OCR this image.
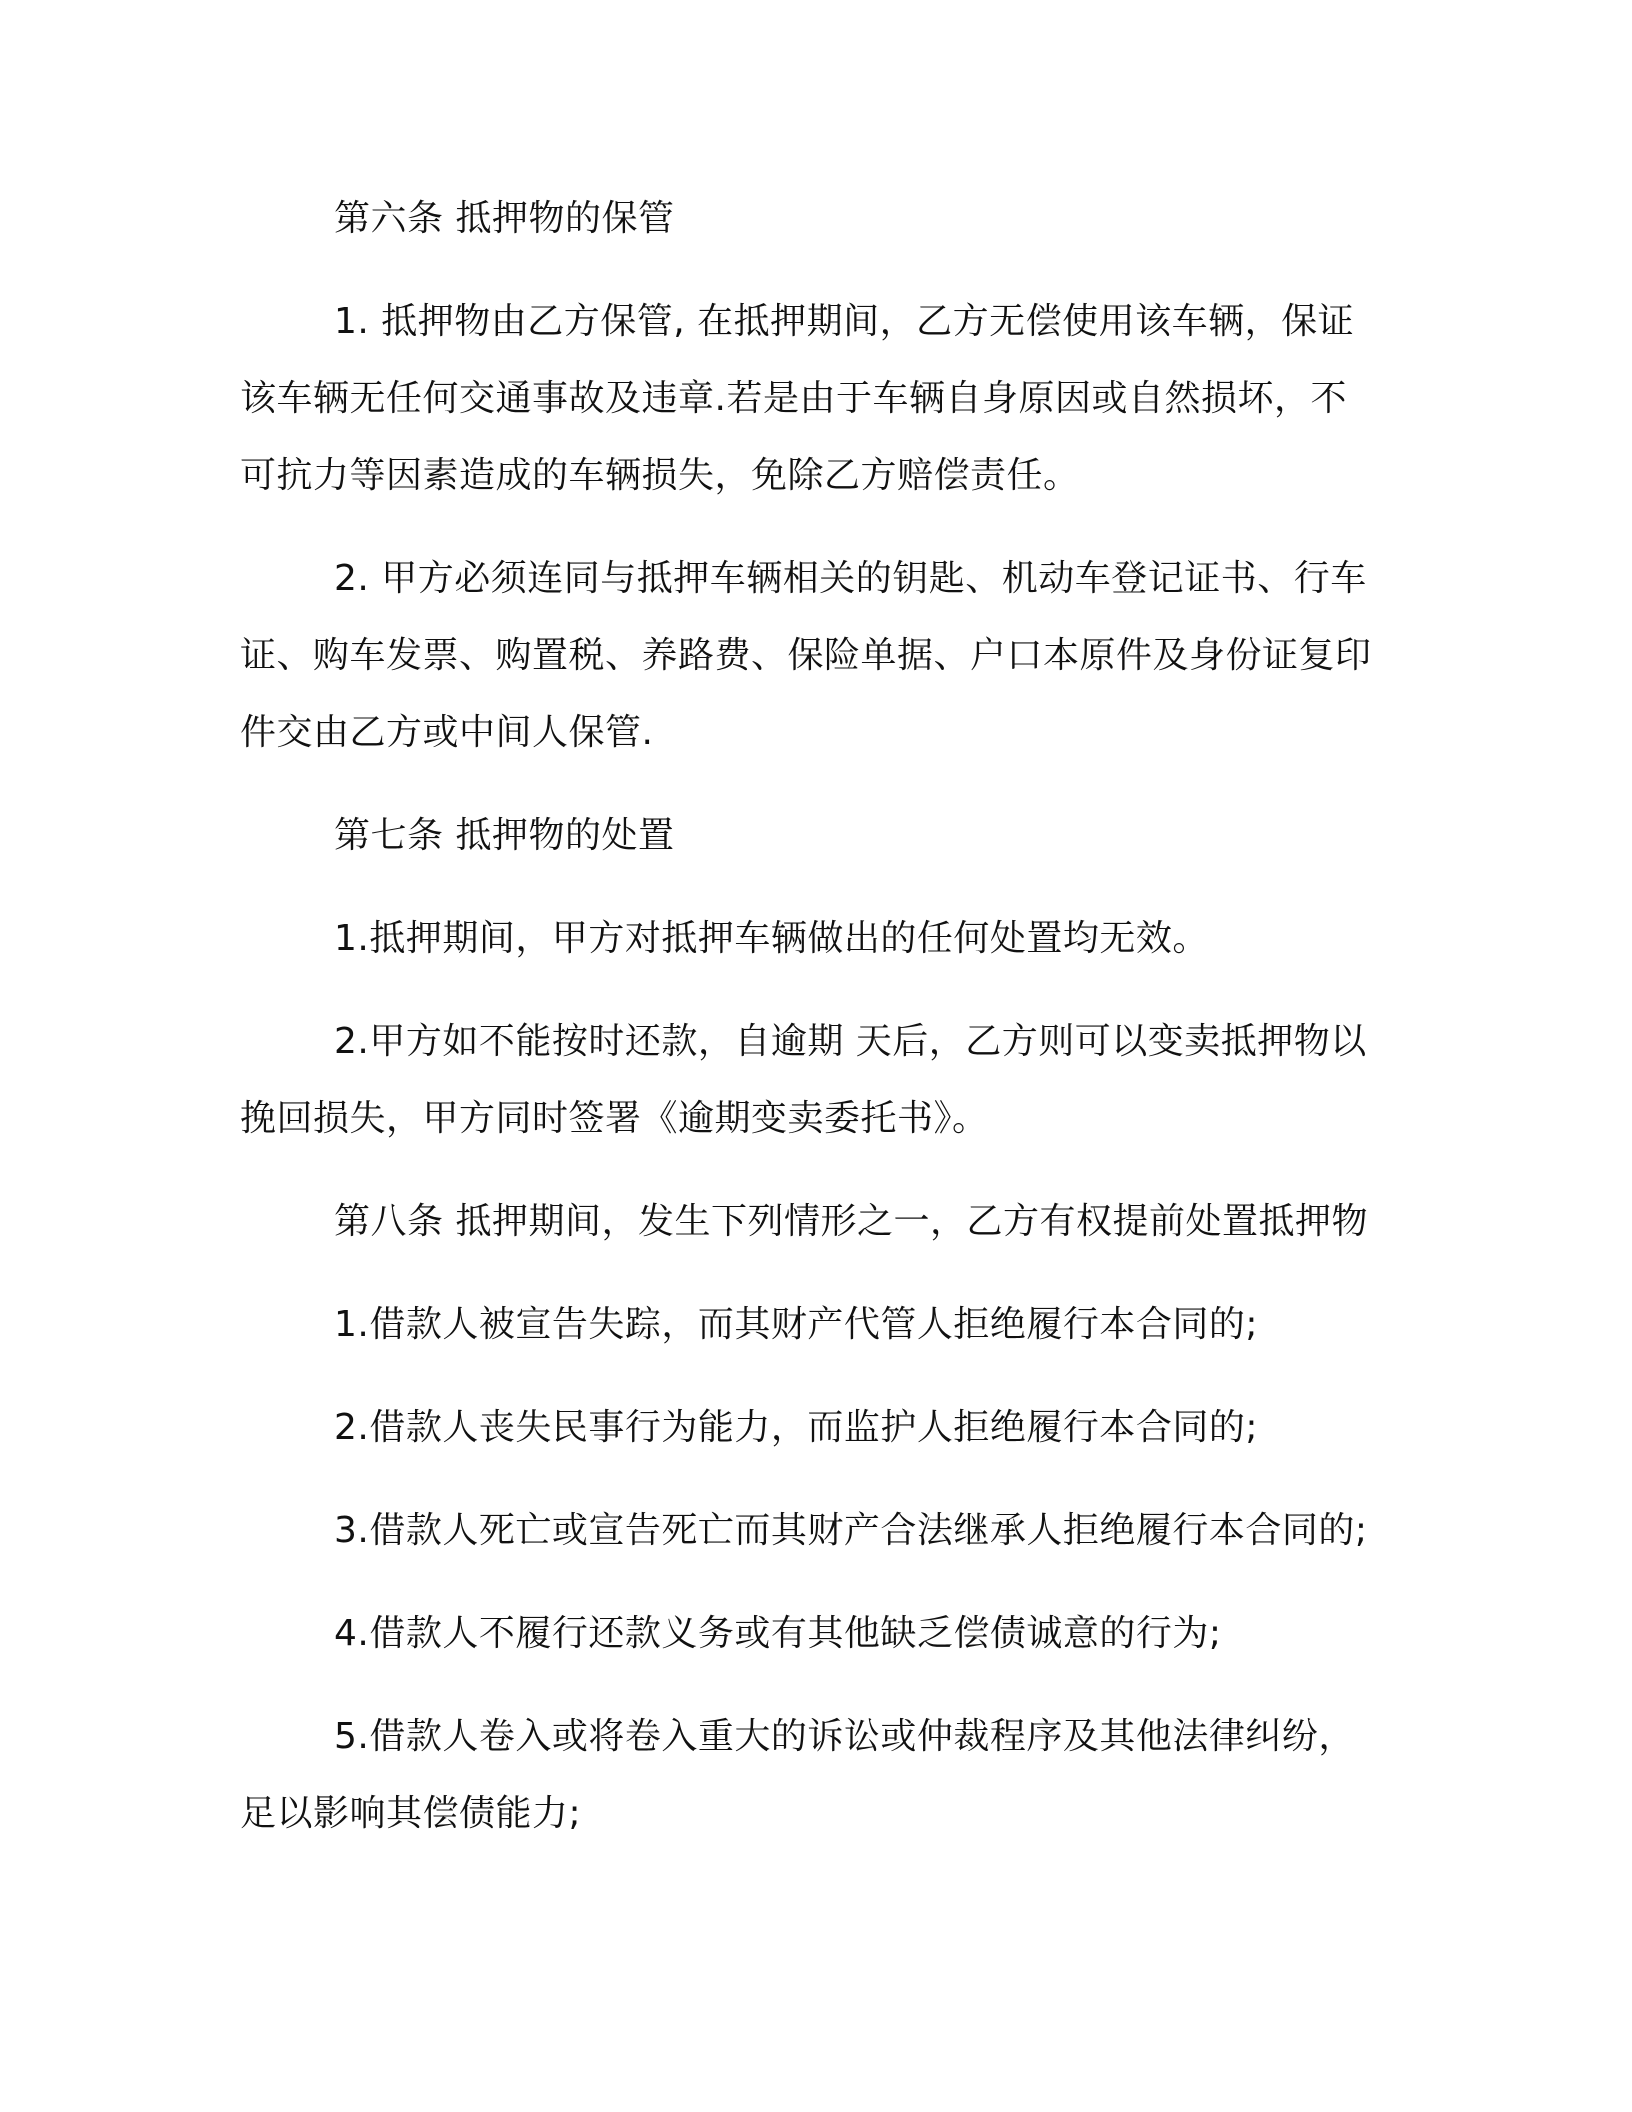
第六条 抵押物的保管

1. 抵押物由乙方保管, 在抵押期间，乙方无偿使用该车辆，保证该车辆无任何交通事故及违章.若是由于车辆自身原因或自然损坏，不可抗力等因素造成的车辆损失，免除乙方赔偿责任。

2. 甲方必须连同与抵押车辆相关的钥匙、机动车登记证书、行车证、购车发票、购置税、养路费、保险单据、户口本原件及身份证复印件交由乙方或中间人保管.

第七条 抵押物的处置

1.抵押期间，甲方对抵押车辆做出的任何处置均无效。

2.甲方如不能按时还款，自逾期 天后，乙方则可以变卖抵押物以挽回损失，甲方同时签署《逾期变卖委托书》。

第八条 抵押期间，发生下列情形之一，乙方有权提前处置抵押物

1.借款人被宣告失踪，而其财产代管人拒绝履行本合同的;

2.借款人丧失民事行为能力，而监护人拒绝履行本合同的;

3.借款人死亡或宣告死亡而其财产合法继承人拒绝履行本合同的;

4.借款人不履行还款义务或有其他缺乏偿债诚意的行为;

5.借款人卷入或将卷入重大的诉讼或仲裁程序及其他法律纠纷，足以影响其偿债能力;
